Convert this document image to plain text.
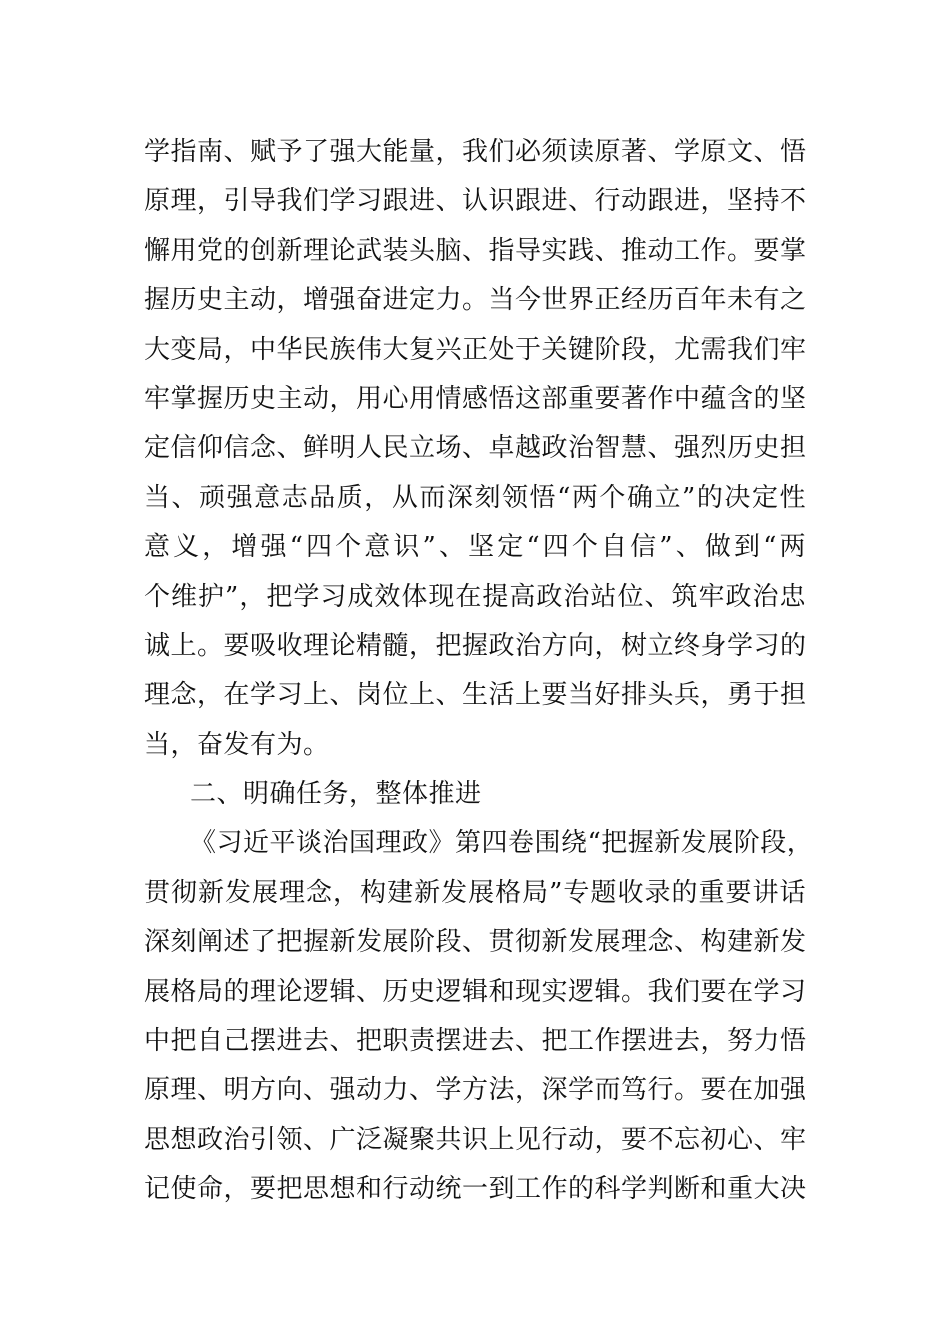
学指南、赋予了强大能量，我们必须读原著、学原文、悟
原理，引导我们学习跟进、认识跟进、行动跟进，坚持不
懈用党的创新理论武装头脑、指导实践、推动工作。要掌
握历史主动，增强奋进定力。当今世界正经历百年未有之
大变局，中华民族伟大复兴正处于关键阶段，尤需我们牢
牢掌握历史主动，用心用情感悟这部重要著作中蕴含的坚
定信仰信念、鲜明人民立场、卓越政治智慧、强烈历史担
当、顽强意志品质，从而深刻领悟“两个确立”的决定性
意义，增强“四个意识”、坚定“四个自信”、做到“两
个维护”，把学习成效体现在提高政治站位、筑牢政治忠
诚上。要吸收理论精髓，把握政治方向，树立终身学习的
理念，在学习上、岗位上、生活上要当好排头兵，勇于担
当，奋发有为。
二、明确任务，整体推进
《习近平谈治国理政》第四卷围绕“把握新发展阶段，
贯彻新发展理念，构建新发展格局”专题收录的重要讲话
深刻阐述了把握新发展阶段、贯彻新发展理念、构建新发
展格局的理论逻辑、历史逻辑和现实逻辑。我们要在学习
中把自己摆进去、把职责摆进去、把工作摆进去，努力悟
原理、明方向、强动力、学方法，深学而笃行。要在加强
思想政治引领、广泛凝聚共识上见行动，要不忘初心、牢
记使命，要把思想和行动统一到工作的科学判断和重大决
